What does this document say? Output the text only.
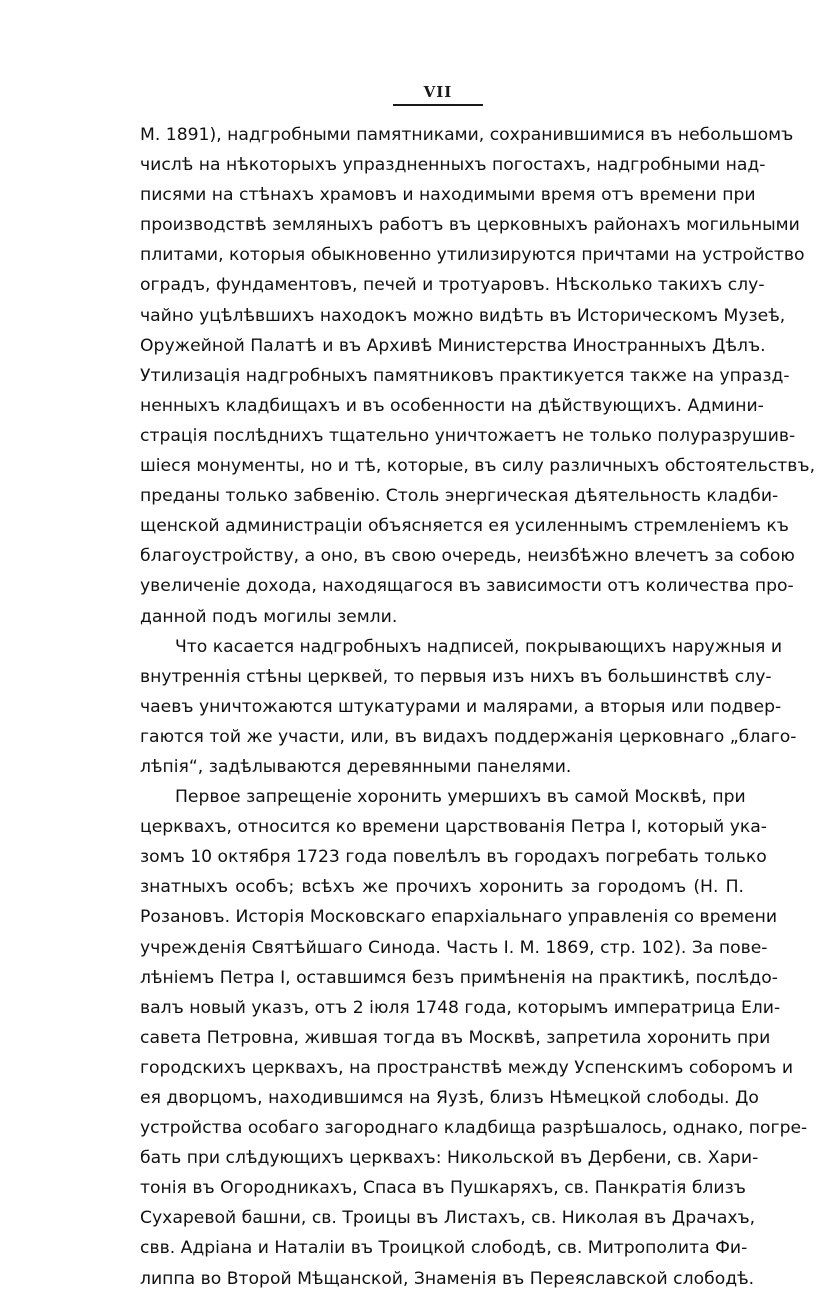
VII
М. 1891), надгробными памятниками, сохранившимися въ небольшомъ
числѣ на нѣкоторыхъ упраздненныхъ погостахъ, надгробными над-
писями на стѣнахъ храмовъ и находимыми время отъ времени при
производствѣ земляныхъ работъ въ церковныхъ районахъ могильными
плитами, которыя обыкновенно утилизируются причтами на устройство
оградъ, фундаментовъ, печей и тротуаровъ. Нѣсколько такихъ слу-
чайно уцѣлѣвшихъ находокъ можно видѣть въ Историческомъ Музеѣ,
Оружейной Палатѣ и въ Архивѣ Министерства Иностранныхъ Дѣлъ.
Утилизація надгробныхъ памятниковъ практикуется также на упразд-
ненныхъ кладбищахъ и въ особенности на дѣйствующихъ. Админи-
страція послѣднихъ тщательно уничтожаетъ не только полуразрушив-
шіеся монументы, но и тѣ, которые, въ силу различныхъ обстоятельствъ,
преданы только забвенію. Столь энергическая дѣятельность кладби-
щенской администраціи объясняется ея усиленнымъ стремленіемъ къ
благоустройству, а оно, въ свою очередь, неизбѣжно влечетъ за собою
увеличеніе дохода, находящагося въ зависимости отъ количества про-
данной подъ могилы земли.
Что касается надгробныхъ надписей, покрывающихъ наружныя и
внутреннія стѣны церквей, то первыя изъ нихъ въ большинствѣ слу-
чаевъ уничтожаются штукатурами и малярами, а вторыя или подвер-
гаются той же участи, или, въ видахъ поддержанія церковнаго „благо-
лѣпія“, задѣлываются деревянными панелями.
Первое запрещеніе хоронить умершихъ въ самой Москвѣ, при
церквахъ, относится ко времени царствованія Петра I, который ука-
зомъ 10 октября 1723 года повелѣлъ въ городахъ погребать только
знатныхъ особъ; всѣхъ же прочихъ хоронить за городомъ (Н. П.
Розановъ. Исторія Московскаго епархіальнаго управленія со времени
учрежденія Святѣйшаго Синода. Часть I. М. 1869, стр. 102). За пове-
лѣніемъ Петра I, оставшимся безъ примѣненія на практикѣ, послѣдо-
валъ новый указъ, отъ 2 іюля 1748 года, которымъ императрица Ели-
савета Петровна, жившая тогда въ Москвѣ, запретила хоронить при
городскихъ церквахъ, на пространствѣ между Успенскимъ соборомъ и
ея дворцомъ, находившимся на Яузѣ, близъ Нѣмецкой слободы. До
устройства особаго загороднаго кладбища разрѣшалось, однако, погре-
бать при слѣдующихъ церквахъ: Никольской въ Дербени, св. Хари-
тонія въ Огородникахъ, Спаса въ Пушкаряхъ, св. Панкратія близъ
Сухаревой башни, св. Троицы въ Листахъ, св. Николая въ Драчахъ,
свв. Адріана и Наталіи въ Троицкой слободѣ, св. Митрополита Фи-
липпа во Второй Мѣщанской, Знаменія въ Переяславской слободѣ.
